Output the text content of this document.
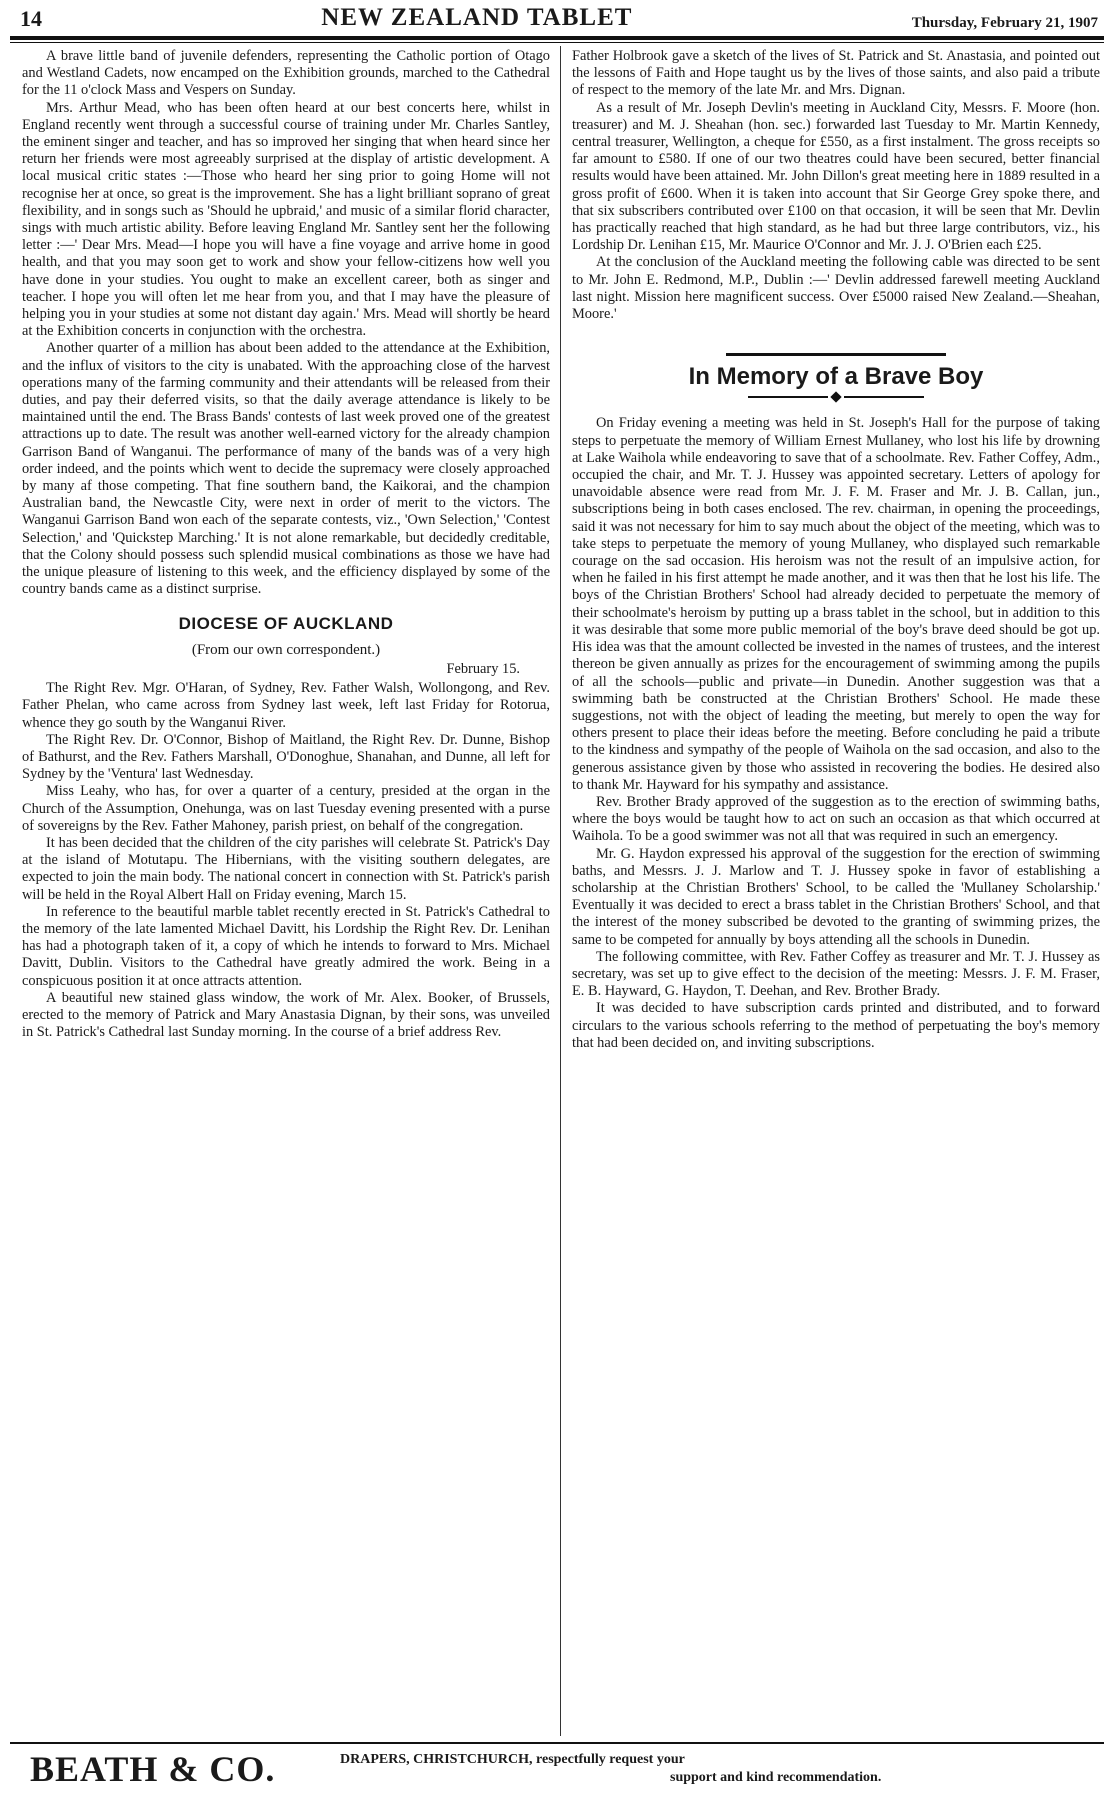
14	NEW ZEALAND TABLET	Thursday, February 21, 1907

A brave little band of juvenile defenders, representing the Catholic portion of Otago and Westland Cadets, now encamped on the Exhibition grounds, marched to the Cathedral for the 11 o'clock Mass and Vespers on Sunday.

Mrs. Arthur Mead, who has been often heard at our best concerts here, whilst in England recently went through a successful course of training under Mr. Charles Santley, the eminent singer and teacher, and has so improved her singing that when heard since her return her friends were most agreeably surprised at the display of artistic development. A local musical critic states :—Those who heard her sing prior to going Home will not recognise her at once, so great is the improvement. She has a light brilliant soprano of great flexibility, and in songs such as 'Should he upbraid,' and music of a similar florid character, sings with much artistic ability. Before leaving England Mr. Santley sent her the following letter :—' Dear Mrs. Mead—I hope you will have a fine voyage and arrive home in good health, and that you may soon get to work and show your fellow-citizens how well you have done in your studies. You ought to make an excellent career, both as singer and teacher. I hope you will often let me hear from you, and that I may have the pleasure of helping you in your studies at some not distant day again.' Mrs. Mead will shortly be heard at the Exhibition concerts in conjunction with the orchestra.

Another quarter of a million has about been added to the attendance at the Exhibition, and the influx of visitors to the city is unabated. With the approaching close of the harvest operations many of the farming community and their attendants will be released from their duties, and pay their deferred visits, so that the daily average attendance is likely to be maintained until the end. The Brass Bands' contests of last week proved one of the greatest attractions up to date. The result was another well-earned victory for the already champion Garrison Band of Wanganui. The performance of many of the bands was of a very high order indeed, and the points which went to decide the supremacy were closely approached by many af those competing. That fine southern band, the Kaikorai, and the champion Australian band, the Newcastle City, were next in order of merit to the victors. The Wanganui Garrison Band won each of the separate contests, viz., 'Own Selection,' 'Contest Selection,' and 'Quickstep Marching.' It is not alone remarkable, but decidedly creditable, that the Colony should possess such splendid musical combinations as those we have had the unique pleasure of listening to this week, and the efficiency displayed by some of the country bands came as a distinct surprise.

DIOCESE OF AUCKLAND
(From our own correspondent.)
February 15.

The Right Rev. Mgr. O'Haran, of Sydney, Rev. Father Walsh, Wollongong, and Rev. Father Phelan, who came across from Sydney last week, left last Friday for Rotorua, whence they go south by the Wanganui River.

The Right Rev. Dr. O'Connor, Bishop of Maitland, the Right Rev. Dr. Dunne, Bishop of Bathurst, and the Rev. Fathers Marshall, O'Donoghue, Shanahan, and Dunne, all left for Sydney by the 'Ventura' last Wednesday.

Miss Leahy, who has, for over a quarter of a century, presided at the organ in the Church of the Assumption, Onehunga, was on last Tuesday evening presented with a purse of sovereigns by the Rev. Father Mahoney, parish priest, on behalf of the congregation.

It has been decided that the children of the city parishes will celebrate St. Patrick's Day at the island of Motutapu. The Hibernians, with the visiting southern delegates, are expected to join the main body. The national concert in connection with St. Patrick's parish will be held in the Royal Albert Hall on Friday evening, March 15.

In reference to the beautiful marble tablet recently erected in St. Patrick's Cathedral to the memory of the late lamented Michael Davitt, his Lordship the Right Rev. Dr. Lenihan has had a photograph taken of it, a copy of which he intends to forward to Mrs. Michael Davitt, Dublin. Visitors to the Cathedral have greatly admired the work. Being in a conspicuous position it at once attracts attention.

A beautiful new stained glass window, the work of Mr. Alex. Booker, of Brussels, erected to the memory of Patrick and Mary Anastasia Dignan, by their sons, was unveiled in St. Patrick's Cathedral last Sunday morning. In the course of a brief address Rev.

Father Holbrook gave a sketch of the lives of St. Patrick and St. Anastasia, and pointed out the lessons of Faith and Hope taught us by the lives of those saints, and also paid a tribute of respect to the memory of the late Mr. and Mrs. Dignan.

As a result of Mr. Joseph Devlin's meeting in Auckland City, Messrs. F. Moore (hon. treasurer) and M. J. Sheahan (hon. sec.) forwarded last Tuesday to Mr. Martin Kennedy, central treasurer, Wellington, a cheque for £550, as a first instalment. The gross receipts so far amount to £580. If one of our two theatres could have been secured, better financial results would have been attained. Mr. John Dillon's great meeting here in 1889 resulted in a gross profit of £600. When it is taken into account that Sir George Grey spoke there, and that six subscribers contributed over £100 on that occasion, it will be seen that Mr. Devlin has practically reached that high standard, as he had but three large contributors, viz., his Lordship Dr. Lenihan £15, Mr. Maurice O'Connor and Mr. J. J. O'Brien each £25.

At the conclusion of the Auckland meeting the following cable was directed to be sent to Mr. John E. Redmond, M.P., Dublin :—' Devlin addressed farewell meeting Auckland last night. Mission here magnificent success. Over £5000 raised New Zealand.—Sheahan, Moore.'

In Memory of a Brave Boy

On Friday evening a meeting was held in St. Joseph's Hall for the purpose of taking steps to perpetuate the memory of William Ernest Mullaney, who lost his life by drowning at Lake Waihola while endeavoring to save that of a schoolmate. Rev. Father Coffey, Adm., occupied the chair, and Mr. T. J. Hussey was appointed secretary. Letters of apology for unavoidable absence were read from Mr. J. F. M. Fraser and Mr. J. B. Callan, jun., subscriptions being in both cases enclosed. The rev. chairman, in opening the proceedings, said it was not necessary for him to say much about the object of the meeting, which was to take steps to perpetuate the memory of young Mullaney, who displayed such remarkable courage on the sad occasion. His heroism was not the result of an impulsive action, for when he failed in his first attempt he made another, and it was then that he lost his life. The boys of the Christian Brothers' School had already decided to perpetuate the memory of their schoolmate's heroism by putting up a brass tablet in the school, but in addition to this it was desirable that some more public memorial of the boy's brave deed should be got up. His idea was that the amount collected be invested in the names of trustees, and the interest thereon be given annually as prizes for the encouragement of swimming among the pupils of all the schools—public and private—in Dunedin. Another suggestion was that a swimming bath be constructed at the Christian Brothers' School. He made these suggestions, not with the object of leading the meeting, but merely to open the way for others present to place their ideas before the meeting. Before concluding he paid a tribute to the kindness and sympathy of the people of Waihola on the sad occasion, and also to the generous assistance given by those who assisted in recovering the bodies. He desired also to thank Mr. Hayward for his sympathy and assistance.

Rev. Brother Brady approved of the suggestion as to the erection of swimming baths, where the boys would be taught how to act on such an occasion as that which occurred at Waihola. To be a good swimmer was not all that was required in such an emergency.

Mr. G. Haydon expressed his approval of the suggestion for the erection of swimming baths, and Messrs. J. J. Marlow and T. J. Hussey spoke in favor of establishing a scholarship at the Christian Brothers' School, to be called the 'Mullaney Scholarship.' Eventually it was decided to erect a brass tablet in the Christian Brothers' School, and that the interest of the money subscribed be devoted to the granting of swimming prizes, the same to be competed for annually by boys attending all the schools in Dunedin.

The following committee, with Rev. Father Coffey as treasurer and Mr. T. J. Hussey as secretary, was set up to give effect to the decision of the meeting: Messrs. J. F. M. Fraser, E. B. Hayward, G. Haydon, T. Deehan, and Rev. Brother Brady.

It was decided to have subscription cards printed and distributed, and to forward circulars to the various schools referring to the method of perpetuating the boy's memory that had been decided on, and inviting subscriptions.

BEATH & CO.	DRAPERS, CHRISTCHURCH, respectfully request your
support and kind recommendation.
